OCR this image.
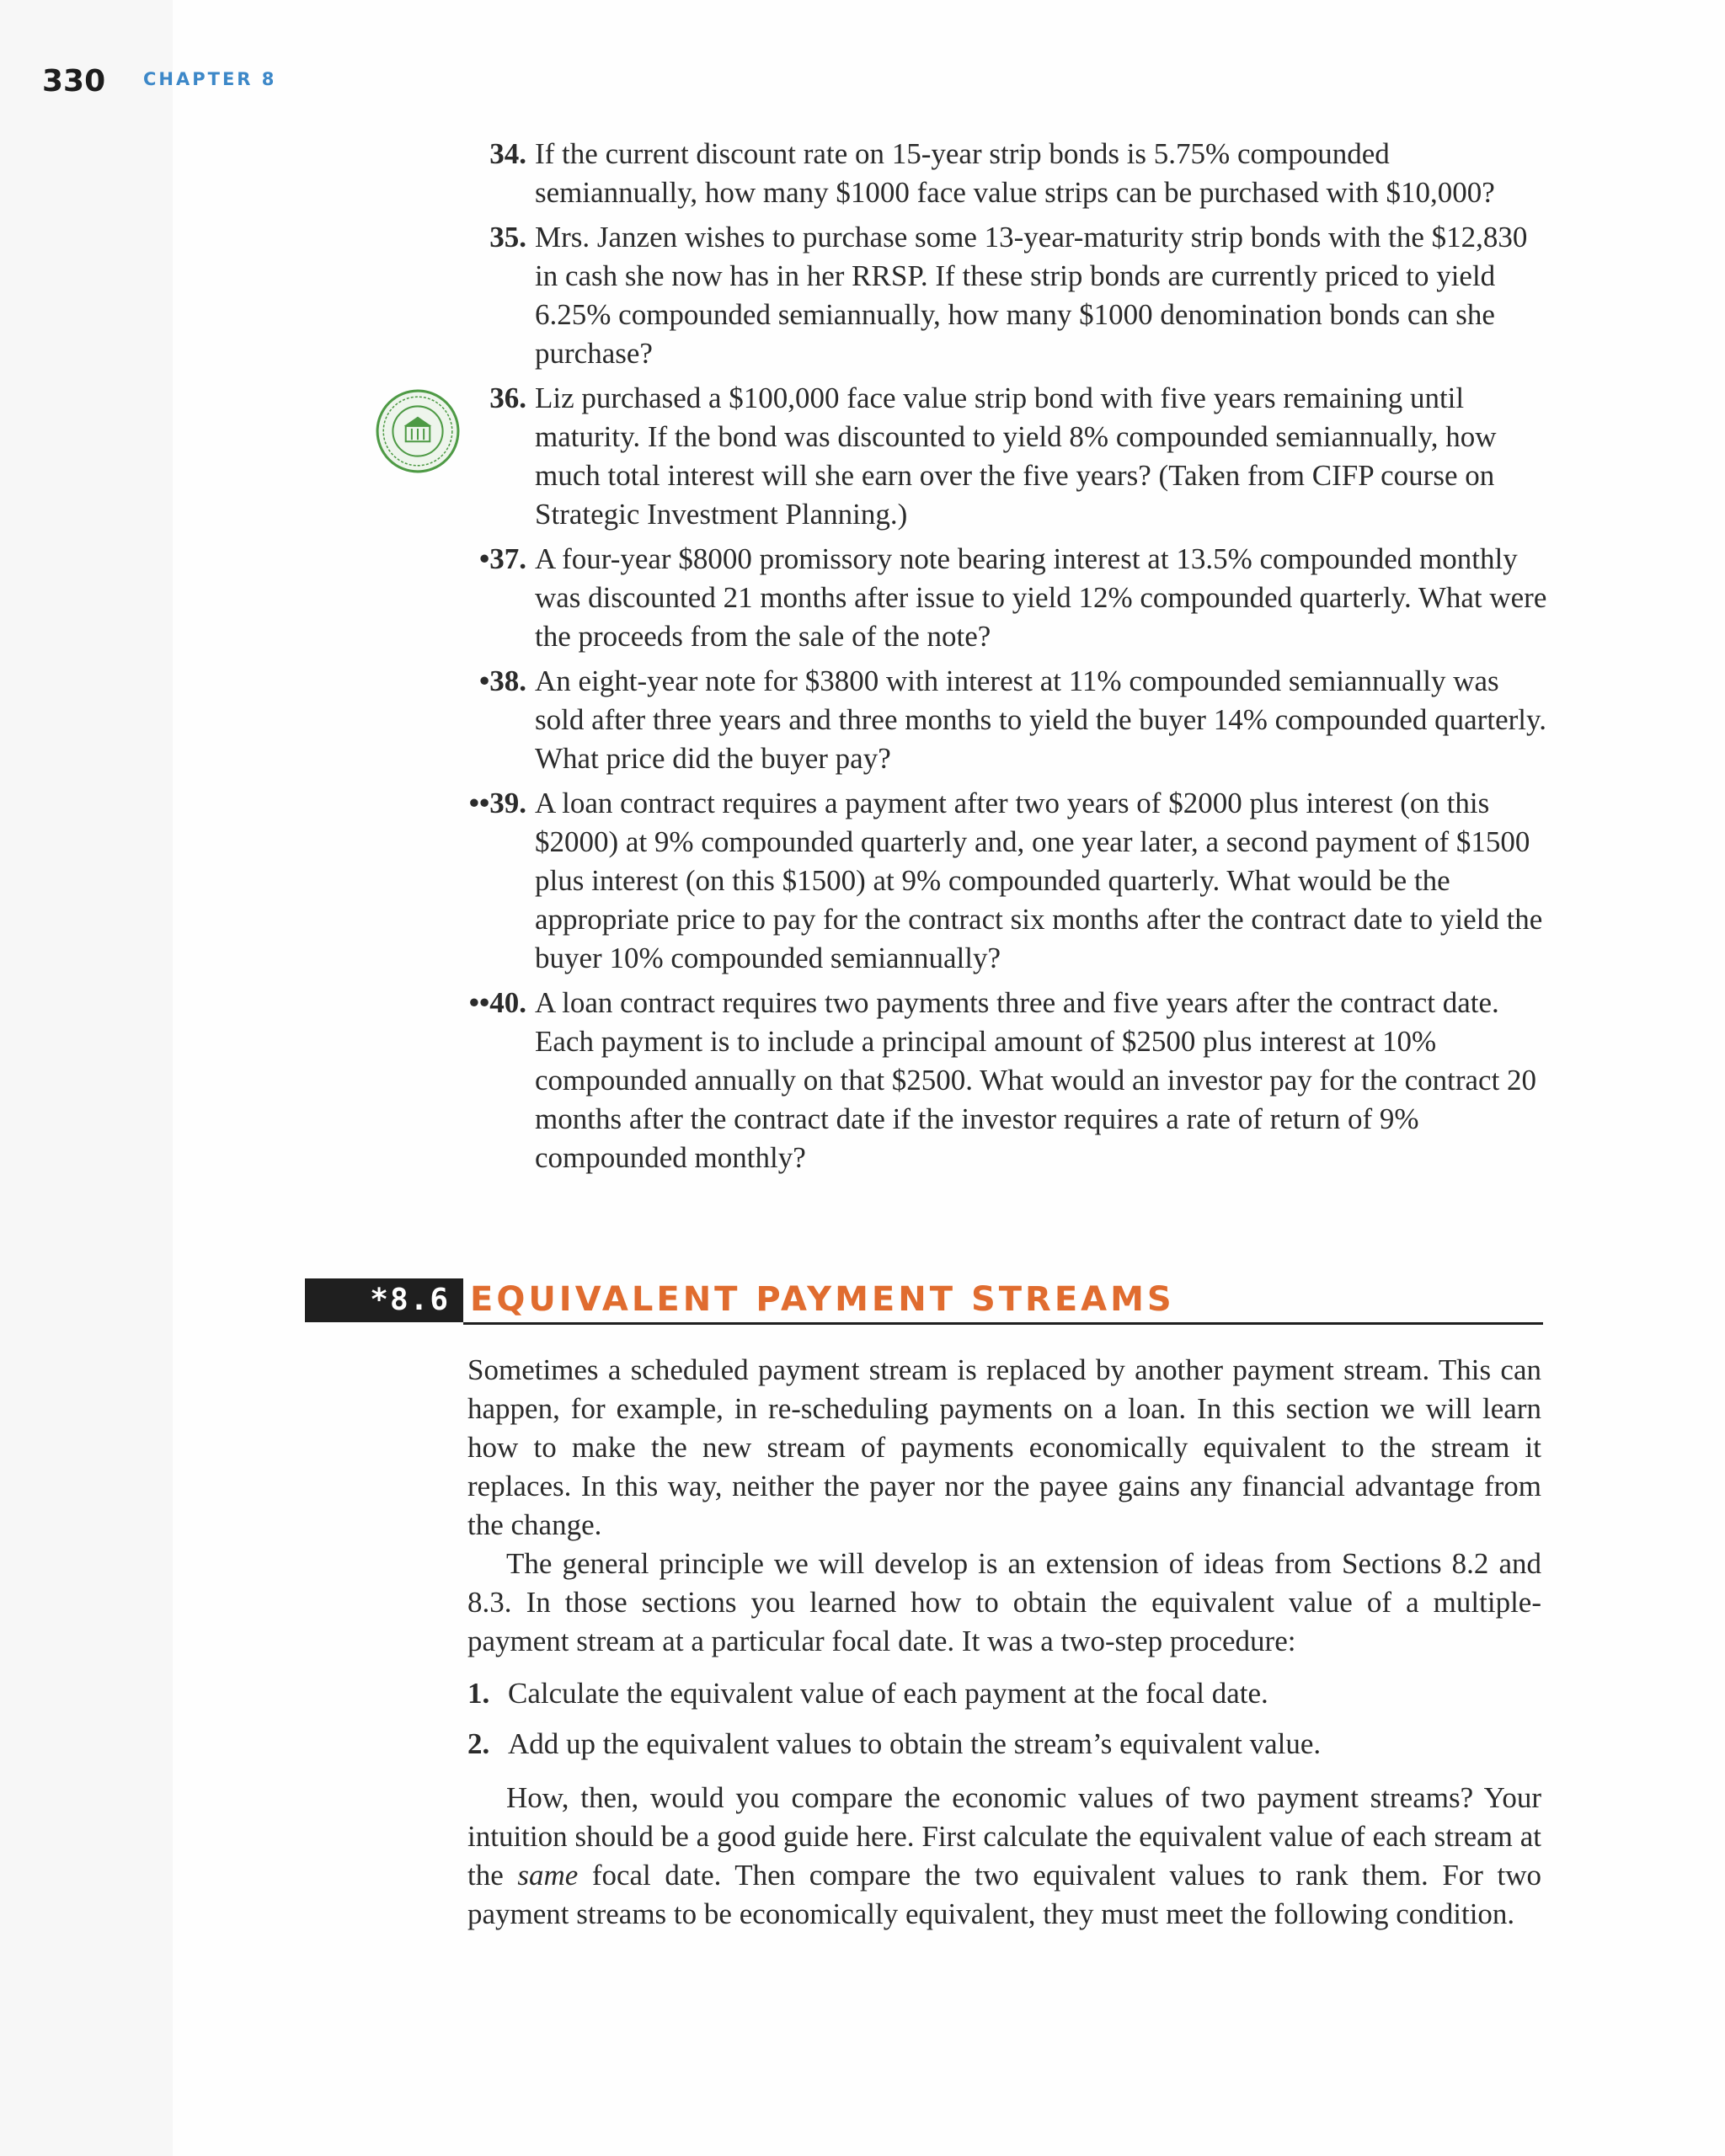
330 CHAPTER 8
34. If the current discount rate on 15-year strip bonds is 5.75% compounded semiannually, how many $1000 face value strips can be purchased with $10,000?
35. Mrs. Janzen wishes to purchase some 13-year-maturity strip bonds with the $12,830 in cash she now has in her RRSP. If these strip bonds are currently priced to yield 6.25% compounded semiannually, how many $1000 denomination bonds can she purchase?
36. Liz purchased a $100,000 face value strip bond with five years remaining until maturity. If the bond was discounted to yield 8% compounded semiannually, how much total interest will she earn over the five years? (Taken from CIFP course on Strategic Investment Planning.)
•37. A four-year $8000 promissory note bearing interest at 13.5% compounded monthly was discounted 21 months after issue to yield 12% compounded quarterly. What were the proceeds from the sale of the note?
•38. An eight-year note for $3800 with interest at 11% compounded semiannually was sold after three years and three months to yield the buyer 14% compounded quarterly. What price did the buyer pay?
••39. A loan contract requires a payment after two years of $2000 plus interest (on this $2000) at 9% compounded quarterly and, one year later, a second payment of $1500 plus interest (on this $1500) at 9% compounded quarterly. What would be the appropriate price to pay for the contract six months after the contract date to yield the buyer 10% compounded semiannually?
••40. A loan contract requires two payments three and five years after the contract date. Each payment is to include a principal amount of $2500 plus interest at 10% compounded annually on that $2500. What would an investor pay for the contract 20 months after the contract date if the investor requires a rate of return of 9% compounded monthly?
*8.6 EQUIVALENT PAYMENT STREAMS

Sometimes a scheduled payment stream is replaced by another payment stream. This can happen, for example, in re-scheduling payments on a loan. In this section we will learn how to make the new stream of payments economically equivalent to the stream it replaces. In this way, neither the payer nor the payee gains any financial advantage from the change.

The general principle we will develop is an extension of ideas from Sections 8.2 and 8.3. In those sections you learned how to obtain the equivalent value of a multiple-payment stream at a particular focal date. It was a two-step procedure:

1. Calculate the equivalent value of each payment at the focal date.
2. Add up the equivalent values to obtain the stream’s equivalent value.

How, then, would you compare the economic values of two payment streams? Your intuition should be a good guide here. First calculate the equivalent value of each stream at the same focal date. Then compare the two equivalent values to rank them. For two payment streams to be economically equivalent, they must meet the following condition.
